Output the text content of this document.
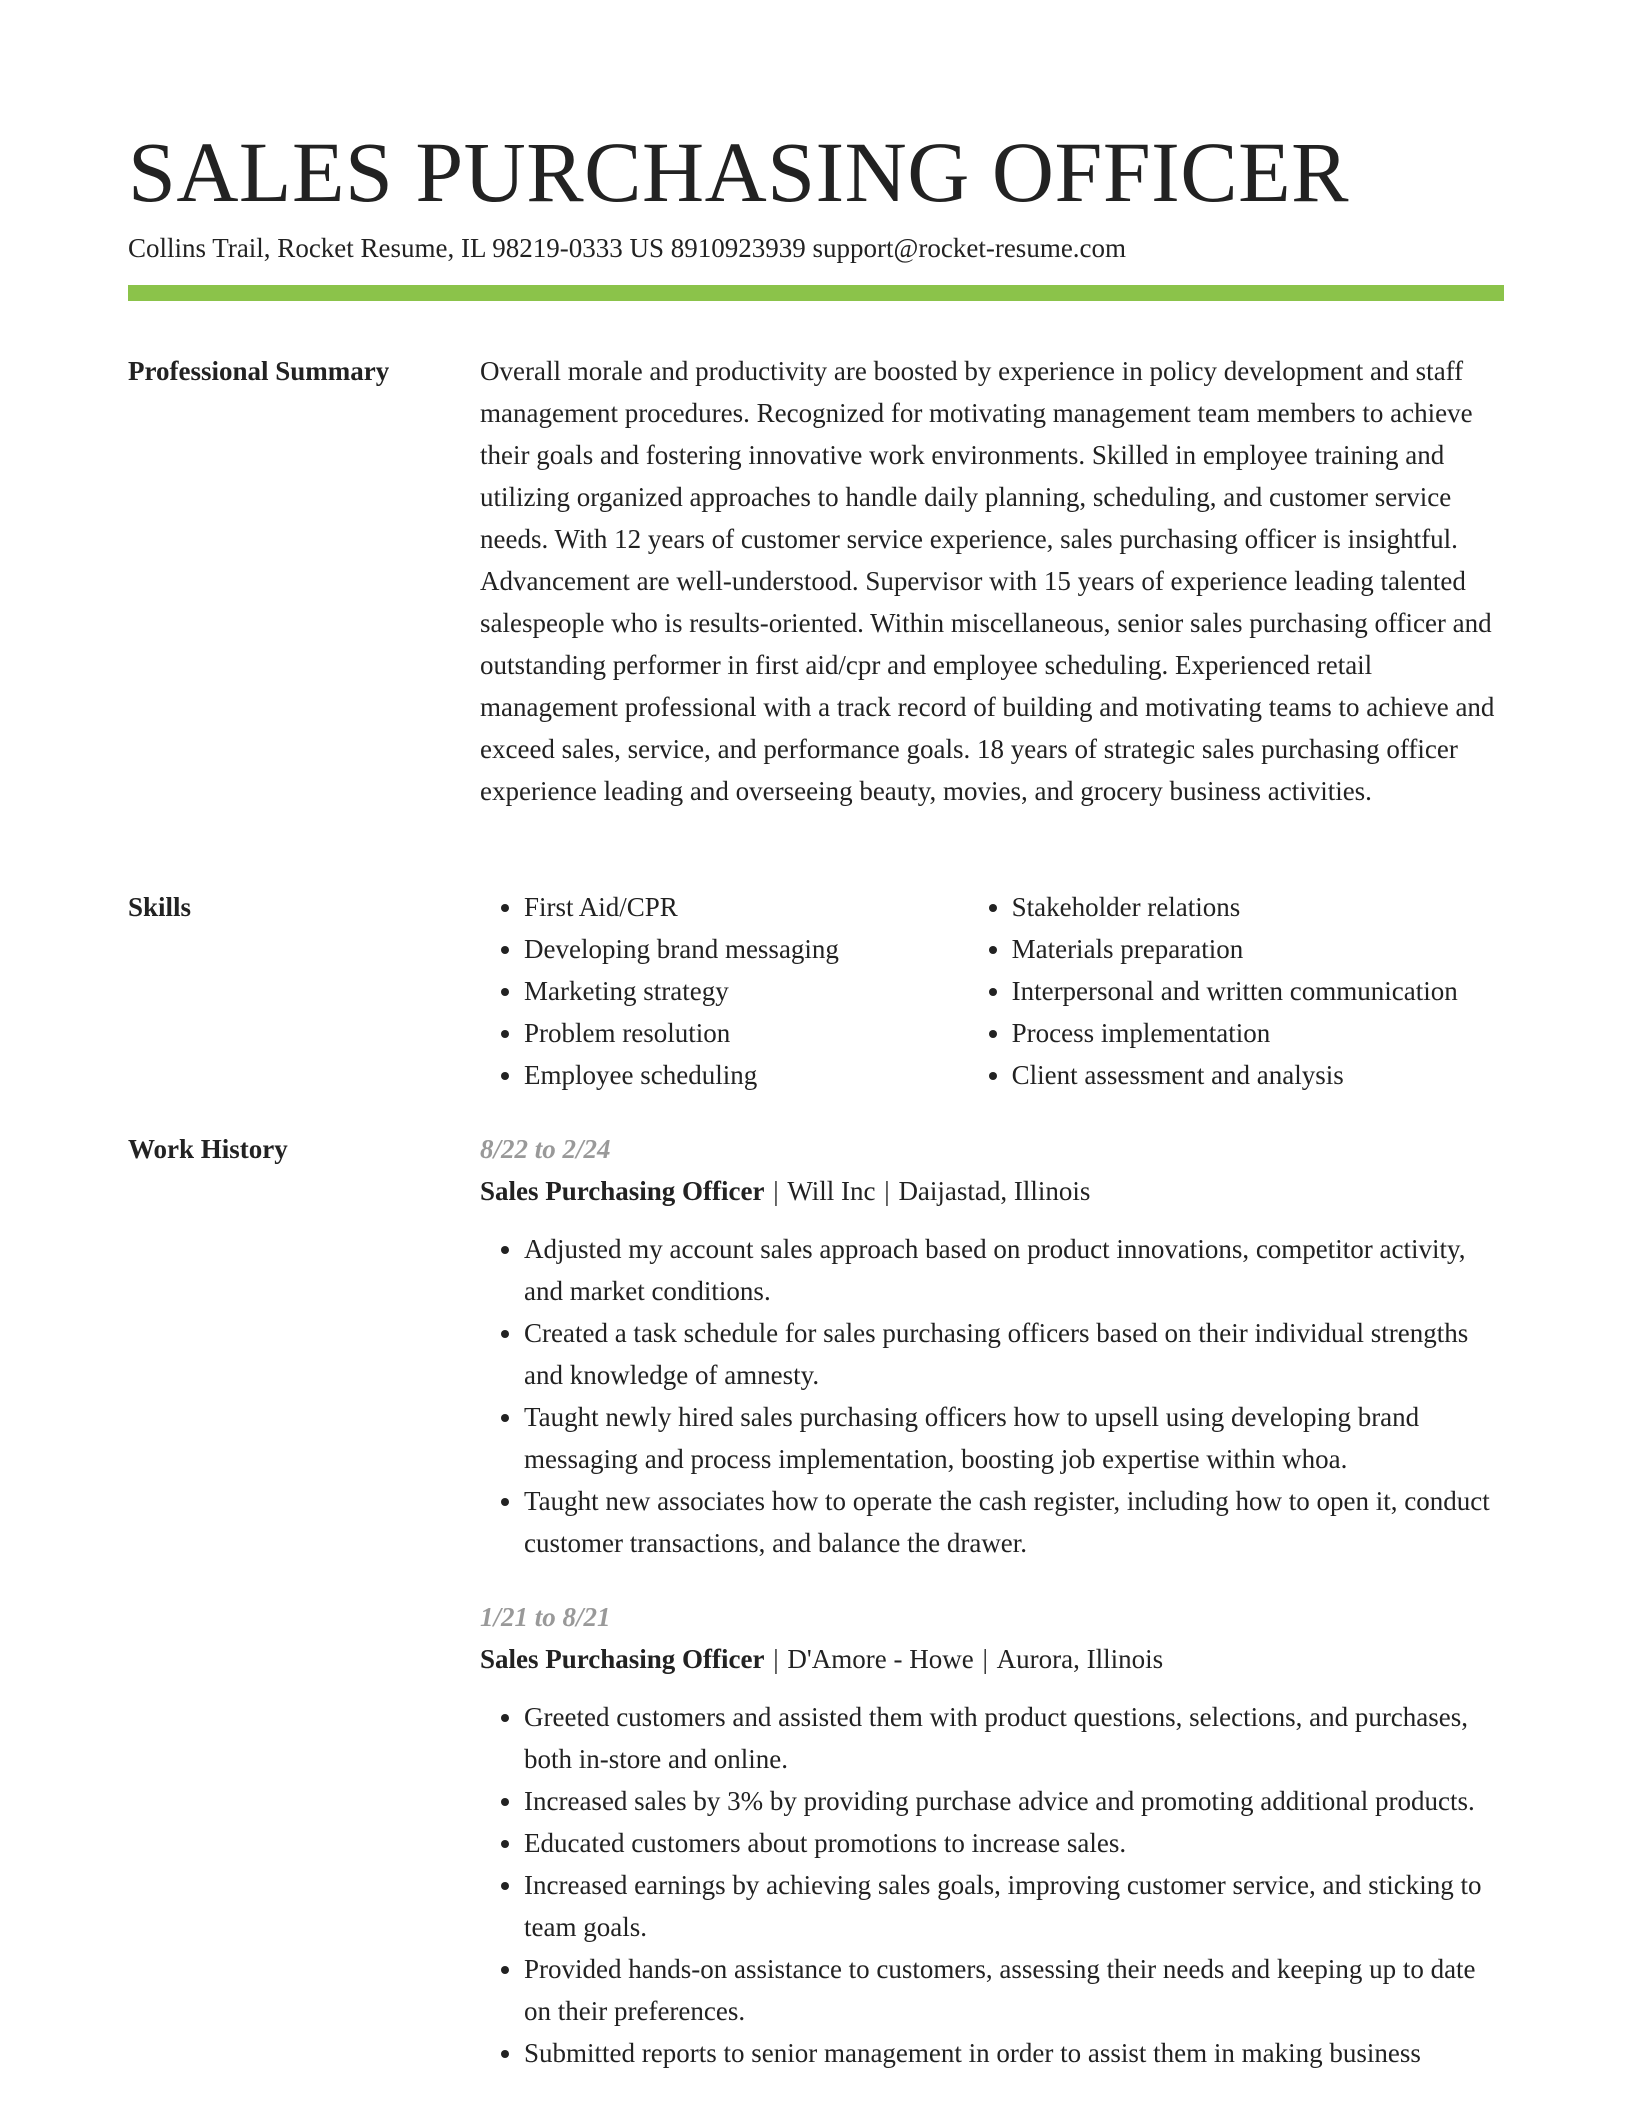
SALES PURCHASING OFFICER
Collins Trail, Rocket Resume, IL 98219-0333 US 8910923939 support@rocket-resume.com
Professional Summary	Overall morale and productivity are boosted by experience in policy development and staff management procedures. Recognized for motivating management team members to achieve their goals and fostering innovative work environments. Skilled in employee training and utilizing organized approaches to handle daily planning, scheduling, and customer service needs. With 12 years of customer service experience, sales purchasing officer is insightful. Advancement are well-understood. Supervisor with 15 years of experience leading talented salespeople who is results-oriented. Within miscellaneous, senior sales purchasing officer and outstanding performer in first aid/cpr and employee scheduling. Experienced retail management professional with a track record of building and motivating teams to achieve and exceed sales, service, and performance goals. 18 years of strategic sales purchasing officer experience leading and overseeing beauty, movies, and grocery business activities.

Skills
•	First Aid/CPR
• Developing brand messaging
• Marketing strategy
• Problem resolution
• Employee scheduling
• Stakeholder relations
• Materials preparation
• Interpersonal and written communication
• Process implementation
• Client assessment and analysis
Work History	8/22 to 2/24
Sales Purchasing Officer | Will Inc | Daijastad, Illinois
• Adjusted my account sales approach based on product innovations, competitor activity, and market conditions.
• Created a task schedule for sales purchasing officers based on their individual strengths and knowledge of amnesty.
• Taught newly hired sales purchasing officers how to upsell using developing brand messaging and process implementation, boosting job expertise within whoa.
• Taught new associates how to operate the cash register, including how to open it, conduct customer transactions, and balance the drawer.
1/21 to 8/21
Sales Purchasing Officer | D'Amore - Howe | Aurora, Illinois
• Greeted customers and assisted them with product questions, selections, and purchases, both in-store and online.
• Increased sales by 3% by providing purchase advice and promoting additional products.
• Educated customers about promotions to increase sales.
• Increased earnings by achieving sales goals, improving customer service, and sticking to team goals.
• Provided hands-on assistance to customers, assessing their needs and keeping up to date on their preferences.
• Submitted reports to senior management in order to assist them in making business
